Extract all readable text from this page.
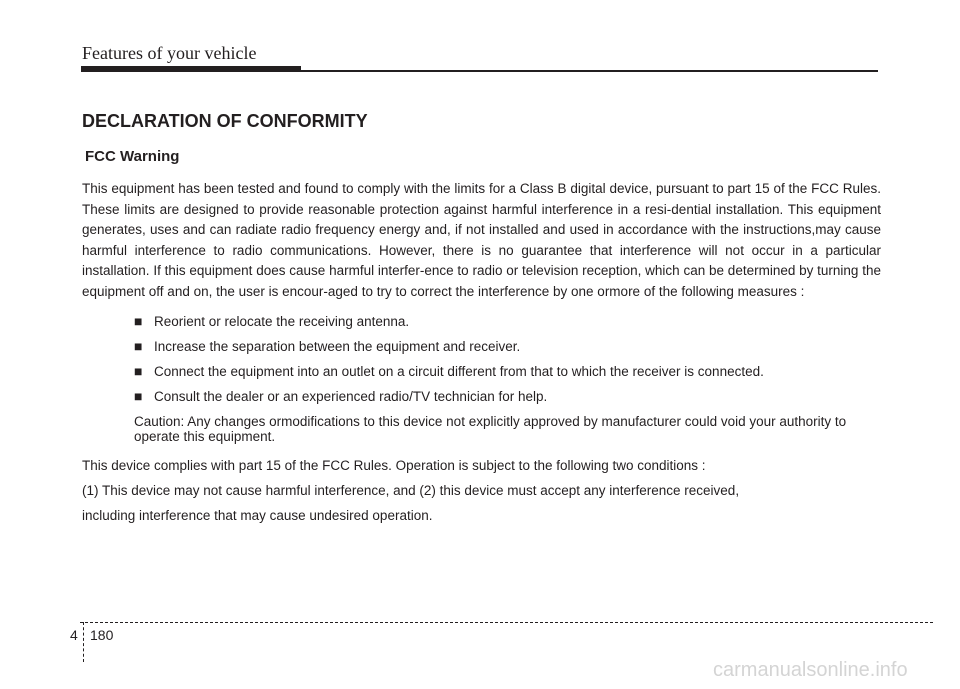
Features of your vehicle
DECLARATION OF CONFORMITY
FCC Warning

This equipment has been tested and found to comply with the limits for a Class B digital device, pursuant to part 15 of the FCC Rules. These limits are designed to provide reasonable protection against harmful interference in a resi-dential installation. This equipment generates, uses and can radiate radio frequency energy and, if not installed and used in accordance with the instructions,may cause harmful interference to radio communications. However, there is no guarantee that interference will not occur in a particular installation. If this equipment does cause harmful interfer-ence to radio or television reception, which can be determined by turning the equipment off and on, the user is encour-aged to try to correct the interference by one ormore of the following measures :

■ Reorient or relocate the receiving antenna.
■ Increase the separation between the equipment and receiver.
■ Connect the equipment into an outlet on a circuit different from that to which the receiver is connected.
■ Consult the dealer or an experienced radio/TV technician for help.

Caution: Any changes ormodifications to this device not explicitly approved by manufacturer could void your authority to operate this equipment.

This device complies with part 15 of the FCC Rules. Operation is subject to the following two conditions :

(1) This device may not cause harmful interference, and (2) this device must accept any interference received,

including interference that may cause undesired operation.

4 180
carmanualsonline.info
